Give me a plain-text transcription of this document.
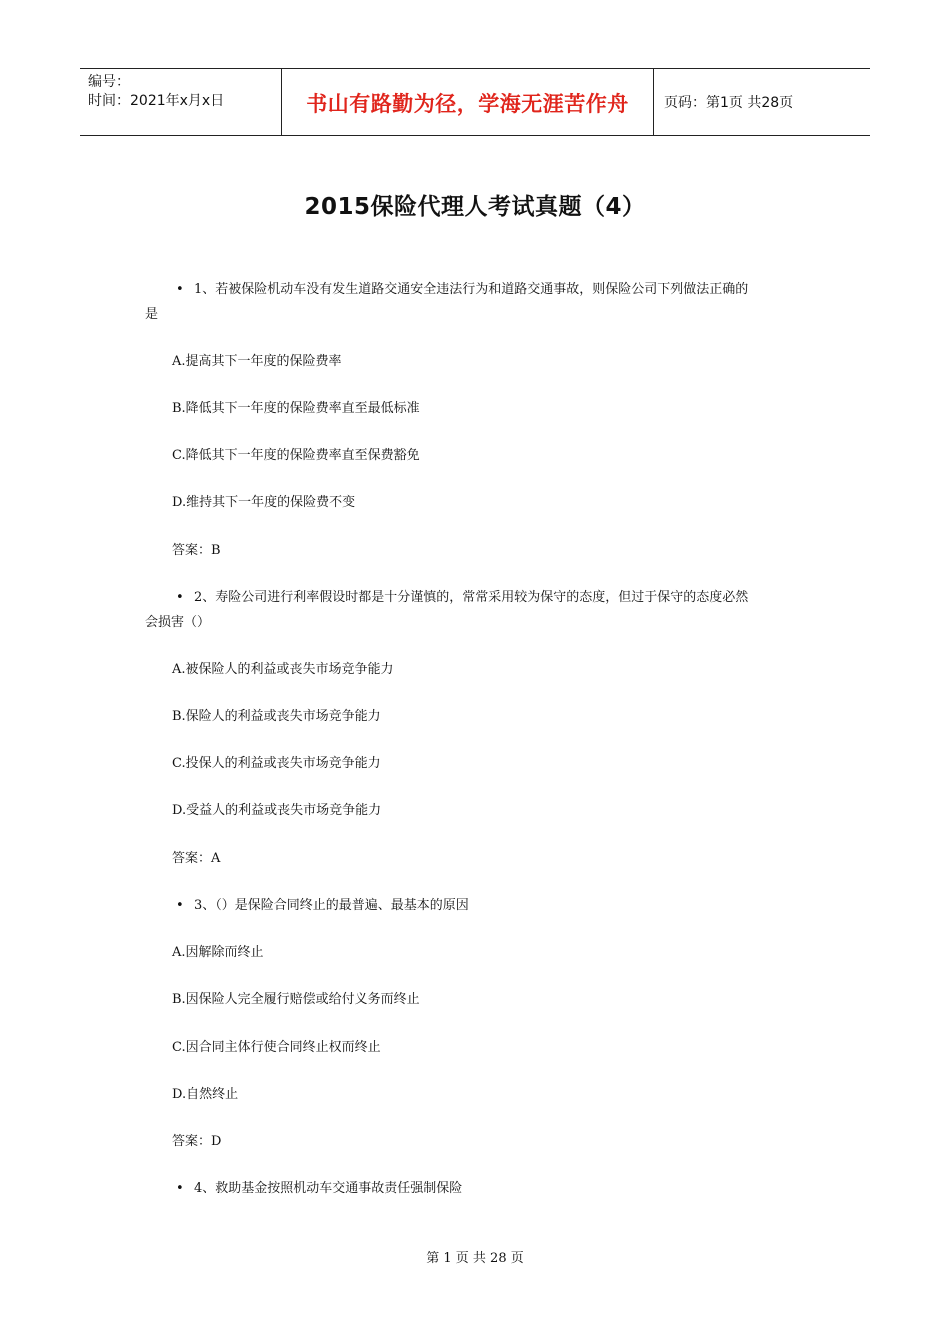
编号：
时间：2021年x月x日	书山有路勤为径，学海无涯苦作舟	页码：第1页 共28页
2015保险代理人考试真题（4）
• 1、若被保险机动车没有发生道路交通安全违法行为和道路交通事故，则保险公司下列做法正确的
是
A.提高其下一年度的保险费率
B.降低其下一年度的保险费率直至最低标准
C.降低其下一年度的保险费率直至保费豁免
D.维持其下一年度的保险费不变
答案：B
• 2、寿险公司进行利率假设时都是十分谨慎的，常常采用较为保守的态度，但过于保守的态度必然
会损害（）
A.被保险人的利益或丧失市场竞争能力
B.保险人的利益或丧失市场竞争能力
C.投保人的利益或丧失市场竞争能力
D.受益人的利益或丧失市场竞争能力
答案：A
• 3、（）是保险合同终止的最普遍、最基本的原因
A.因解除而终止
B.因保险人完全履行赔偿或给付义务而终止
C.因合同主体行使合同终止权而终止
D.自然终止
答案：D
• 4、救助基金按照机动车交通事故责任强制保险
第 1 页 共 28 页
